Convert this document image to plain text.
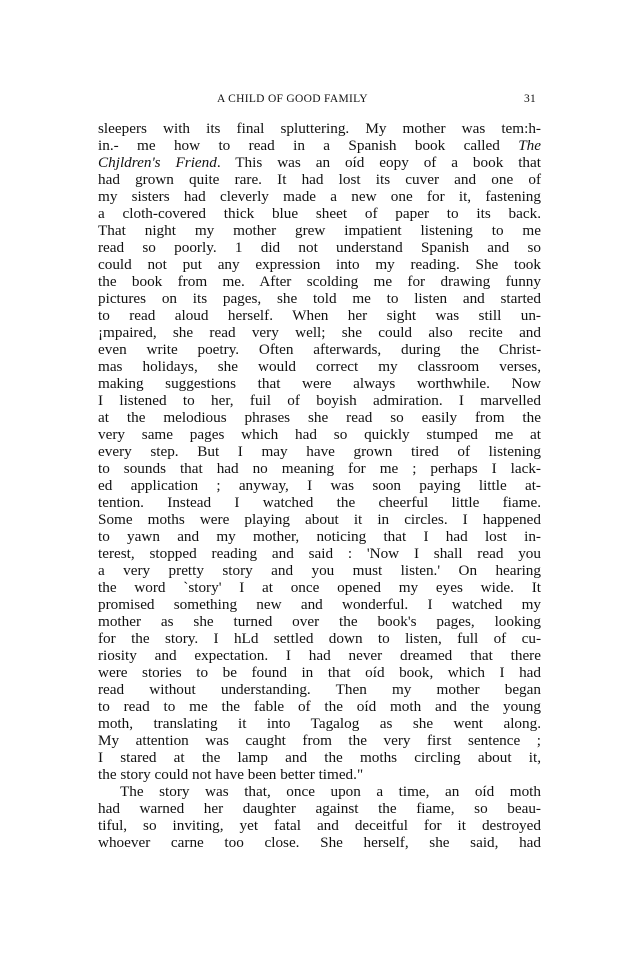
A CHILD OF GOOD FAMILY	31
sleepers with its final spluttering. My mother was tem:h-
in.- me how to read in a Spanish book called The
Chjldren's Friend. This was an oíd eopy of a book that
had grown quite rare. It had lost its cuver and one of
my sisters had cleverly made a new one for it, fastening
a cloth-covered thick blue sheet of paper to its back.
That night my mother grew impatient listening to me
read so poorly. 1 did not understand Spanish and so
could not put any expression into my reading. She took
the book from me. After scolding me for drawing funny
pictures on its pages, she told me to listen and started
to read aloud herself. When her sight was still un-
¡mpaired, she read very well; she could also recite and
even write poetry. Often afterwards, during the Christ-
mas holidays, she would correct my classroom verses,
making suggestions that were always worthwhile. Now
I listened to her, fuil of boyish admiration. I marvelled
at the melodious phrases she read so easily from the
very same pages which had so quickly stumped me at
every step. But I may have grown tired of listening
to sounds that had no meaning for me ; perhaps I lack-
ed application ; anyway, I was soon paying little at-
tention. Instead I watched the cheerful little fiame.
Some moths were playing about it in circles. I happened
to yawn and my mother, noticing that I had lost in-
terest, stopped reading and said : 'Now I shall read you
a very pretty story and you must listen.' On hearing
the word `story' I at once opened my eyes wide. It
promised something new and wonderful. I watched my
mother as she turned over the book's pages, looking
for the story. I hLd settled down to listen, full of cu-
riosity and expectation. I had never dreamed that there
were stories to be found in that oíd book, which I had
read without understanding. Then my mother began
to read to me the fable of the oíd moth and the young
moth, translating it into Tagalog as she went along.
My attention was caught from the very first sentence ;
I stared at the lamp and the moths circling about it,
the story could not have been better timed."
The story was that, once upon a time, an oíd moth
had warned her daughter against the fiame, so beau-
tiful, so inviting, yet fatal and deceitful for it destroyed
whoever carne too close. She herself, she said, had
